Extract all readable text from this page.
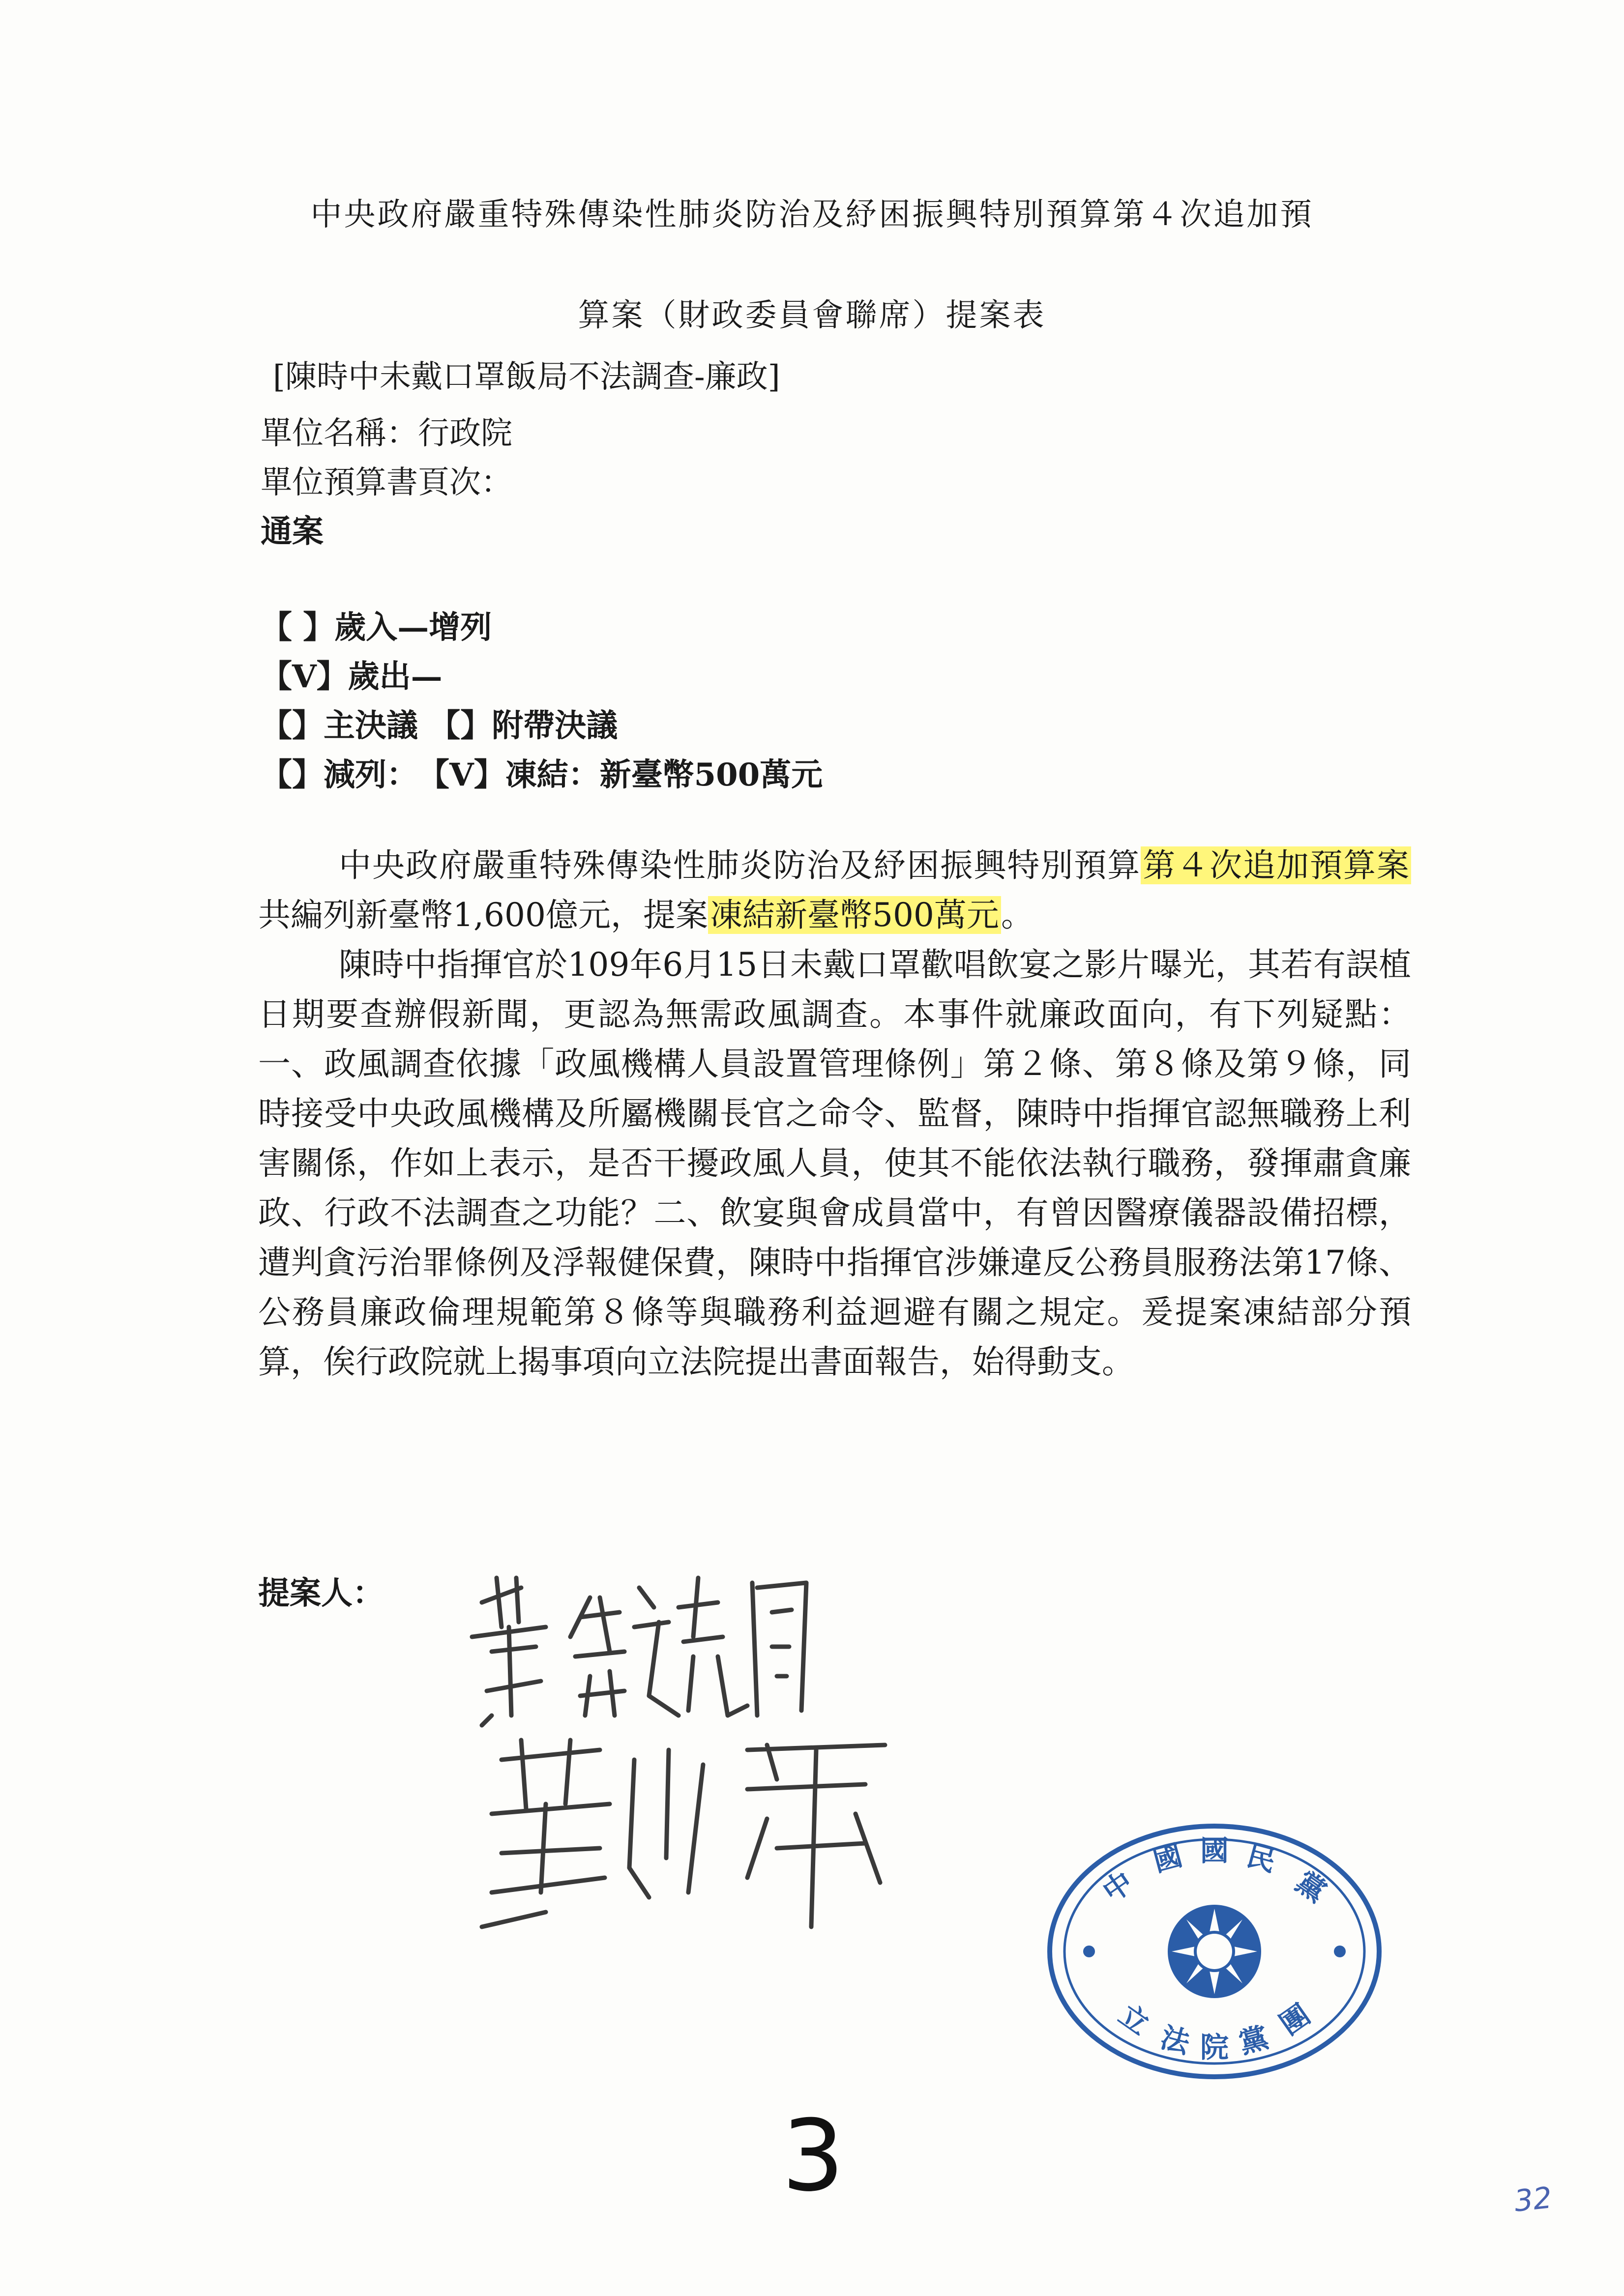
中央政府嚴重特殊傳染性肺炎防治及紓困振興特別預算第４次追加預
算案（財政委員會聯席）提案表
[陳時中未戴口罩飯局不法調查-廉政]
單位名稱：行政院
單位預算書頁次：
通案
【 】歲入—增列
【V】歲出—
【】主決議 【】附帶決議
【】減列：　【V】凍結：新臺幣500萬元

中央政府嚴重特殊傳染性肺炎防治及紓困振興特別預算第４次追加預算案共編列新臺幣1,600億元，提案凍結新臺幣500萬元。

陳時中指揮官於109年6月15日未戴口罩歡唱飲宴之影片曝光，其若有誤植日期要查辦假新聞，更認為無需政風調查。本事件就廉政面向，有下列疑點：一、政風調查依據「政風機構人員設置管理條例」第２條、第８條及第９條，同時接受中央政風機構及所屬機關長官之命令、監督，陳時中指揮官認無職務上利害關係，作如上表示，是否干擾政風人員，使其不能依法執行職務，發揮肅貪廉政、行政不法調查之功能？二、飲宴與會成員當中，有曾因醫療儀器設備招標，遭判貪污治罪條例及浮報健保費，陳時中指揮官涉嫌違反公務員服務法第17條、公務員廉政倫理規範第８條等與職務利益迴避有關之規定。爰提案凍結部分預算，俟行政院就上揭事項向立法院提出書面報告，始得動支。

提案人：
中
國 國 民
黨
立 法 院 黨 團
3	32
